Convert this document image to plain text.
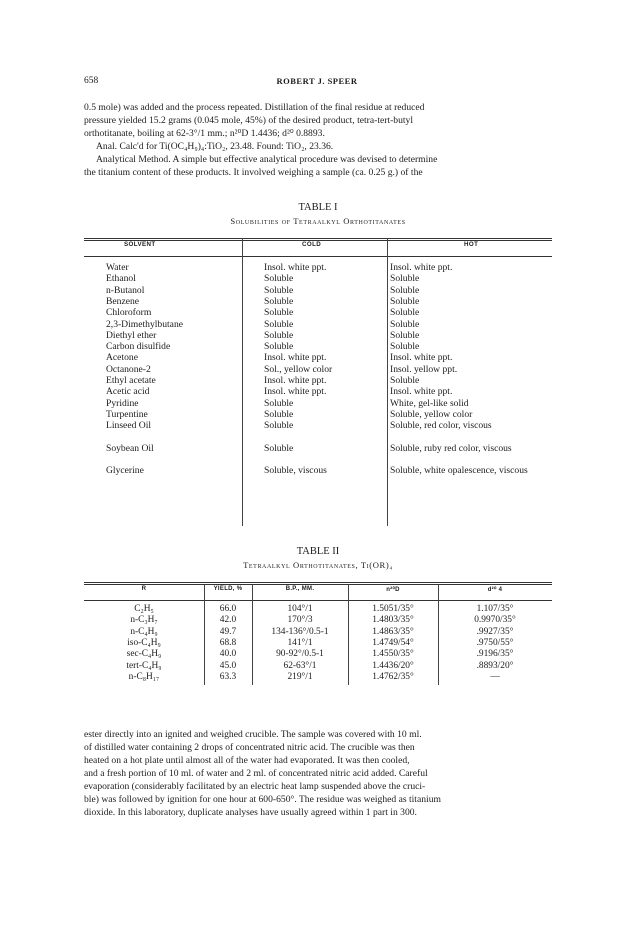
658	ROBERT J. SPEER

0.5 mole) was added and the process repeated. Distillation of the final residue at reduced

pressure yielded 15.2 grams (0.045 mole, 45%) of the desired product, tetra-tert-butyl

orthotitanate, boiling at 62-3°/1 mm.; n²⁰D 1.4436; d²⁰ 0.8893.

Anal. Calc'd for Ti(OC₄H₉)₄:TiO₂, 23.48. Found: TiO₂, 23.36.

Analytical Method. A simple but effective analytical procedure was devised to determine

the titanium content of these products. It involved weighing a sample (ca. 0.25 g.) of the

TABLE I
Solubilities of Tetraalkyl Orthotitanates
SOLVENT	COLD	HOT
Water	Insol. white ppt.	Insol. white ppt.
Ethanol	Soluble	Soluble
n-Butanol	Soluble	Soluble
Benzene	Soluble	Soluble
Chloroform	Soluble	Soluble
2,3-Dimethylbutane	Soluble	Soluble
Diethyl ether	Soluble	Soluble
Carbon disulfide	Soluble	Soluble
Acetone	Insol. white ppt.	Insol. white ppt.
Octanone-2	Sol., yellow color	Insol. yellow ppt.
Ethyl acetate	Insol. white ppt.	Soluble
Acetic acid	Insol. white ppt.	Insol. white ppt.
Pyridine	Soluble	White, gel-like solid
Turpentine	Soluble	Soluble, yellow color
Linseed Oil	Soluble	Soluble, red color, viscous
Soybean Oil	Soluble	Soluble, ruby red color, viscous
Glycerine	Soluble, viscous	Soluble, white opalescence, viscous
TABLE II
Tetraalkyl Orthotitanates, Ti(OR)₄
R	YIELD, %	B.P., MM.	n²⁰D	d²⁰ 4
C₂H₅	66.0	104°/1	1.5051/35°	1.107/35°
n-C₃H₇	42.0	170°/3	1.4803/35°	0.9970/35°
n-C₄H₉	49.7	134-136°/0.5-1	1.4863/35°	.9927/35°
iso-C₄H₉	68.8	141°/1	1.4749/54°	.9750/55°
sec-C₄H₉	40.0	90-92°/0.5-1	1.4550/35°	.9196/35°
tert-C₄H₉	45.0	62-63°/1	1.4436/20°	.8893/20°
n-C₈H₁₇	63.3	219°/1	1.4762/35°	—

ester directly into an ignited and weighed crucible. The sample was covered with 10 ml.

of distilled water containing 2 drops of concentrated nitric acid. The crucible was then

heated on a hot plate until almost all of the water had evaporated. It was then cooled,

and a fresh portion of 10 ml. of water and 2 ml. of concentrated nitric acid added. Careful

evaporation (considerably facilitated by an electric heat lamp suspended above the cruci-

ble) was followed by ignition for one hour at 600-650°. The residue was weighed as titanium

dioxide. In this laboratory, duplicate analyses have usually agreed within 1 part in 300.
